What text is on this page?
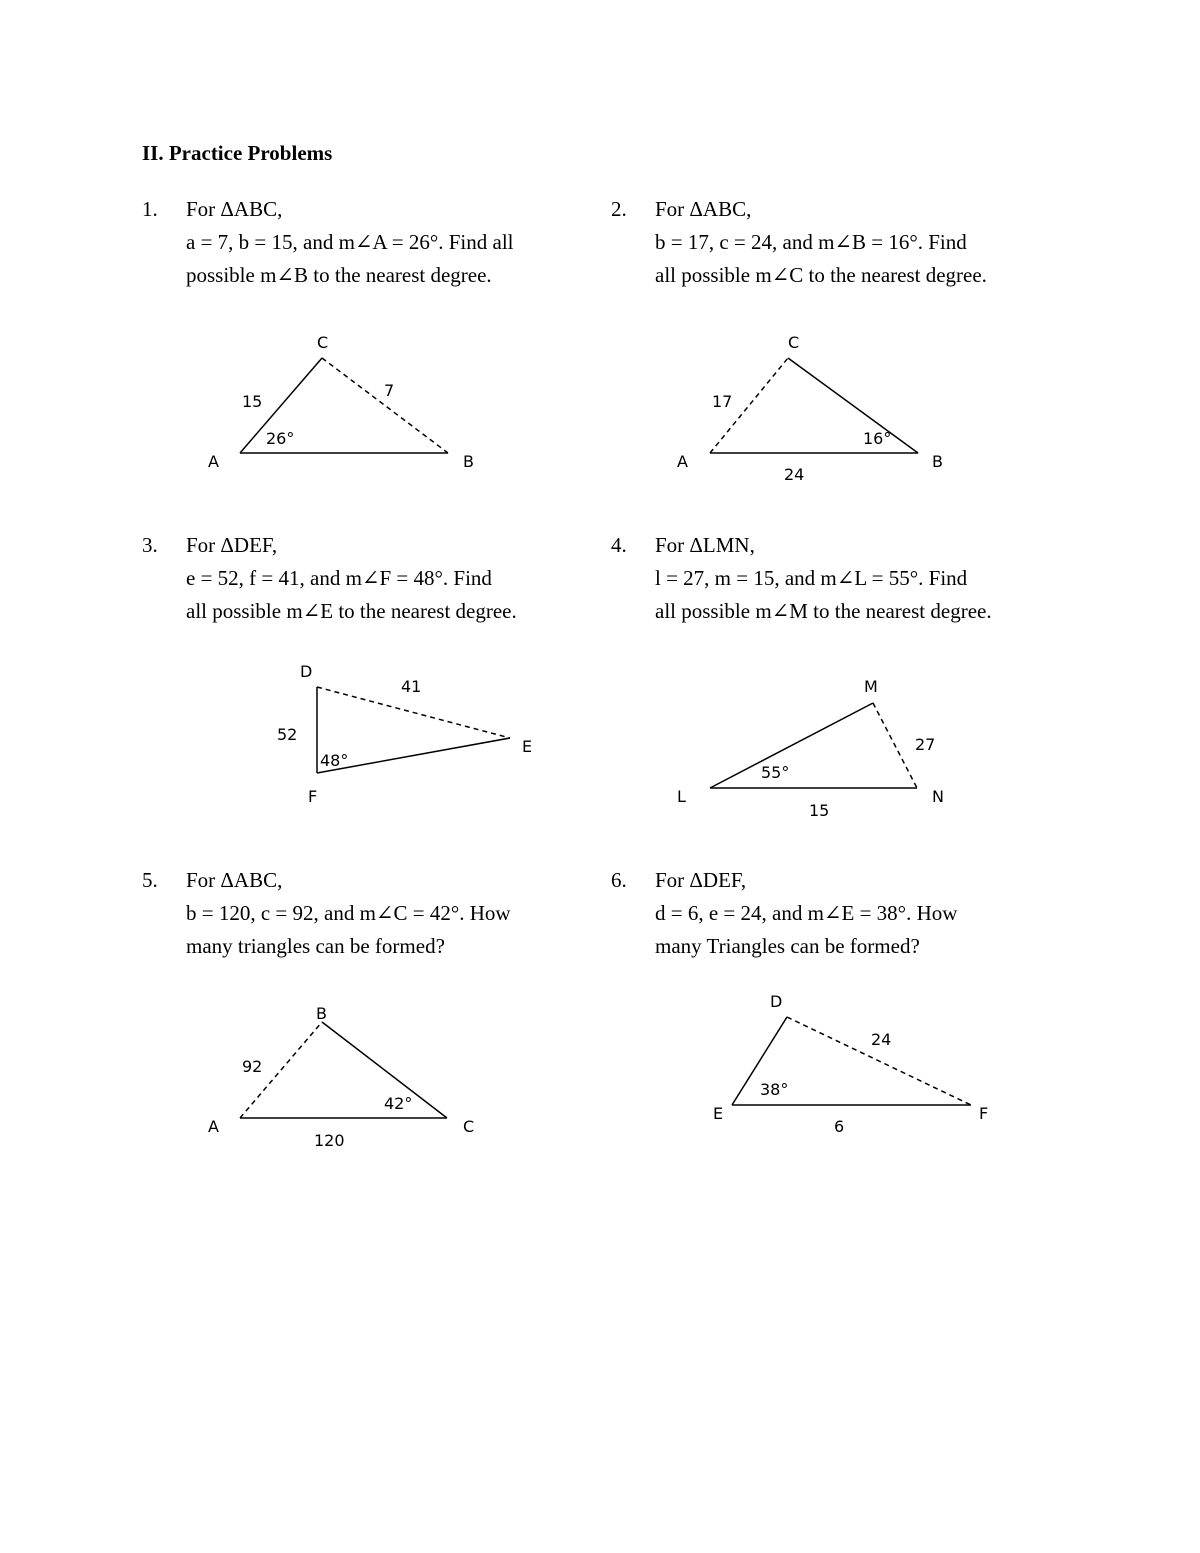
II. Practice Problems
1.	For ΔABC,
a = 7, b = 15, and m∠A = 26°. Find all
possible m∠B to the nearest degree.
C
A	B
15
7
26°
2.	For ΔABC,
b = 17, c = 24, and m∠B = 16°. Find
all possible m∠C to the nearest degree.
C
A	B
17
24
16°
3.	For ΔDEF,
e = 52, f = 41, and m∠F = 48°. Find
all possible m∠E to the nearest degree.
D
E
F
41
52
48°
4.	For ΔLMN,
l = 27, m = 15, and m∠L = 55°. Find
all possible m∠M to the nearest degree.
M
L	N
27
15
55°
5.	For ΔABC,
b = 120, c = 92, and m∠C = 42°. How
many triangles can be formed?
B
A	C
92
120
42°
6.	For ΔDEF,
d = 6, e = 24, and m∠E = 38°. How
many Triangles can be formed?
D
E	F
24
6
38°
